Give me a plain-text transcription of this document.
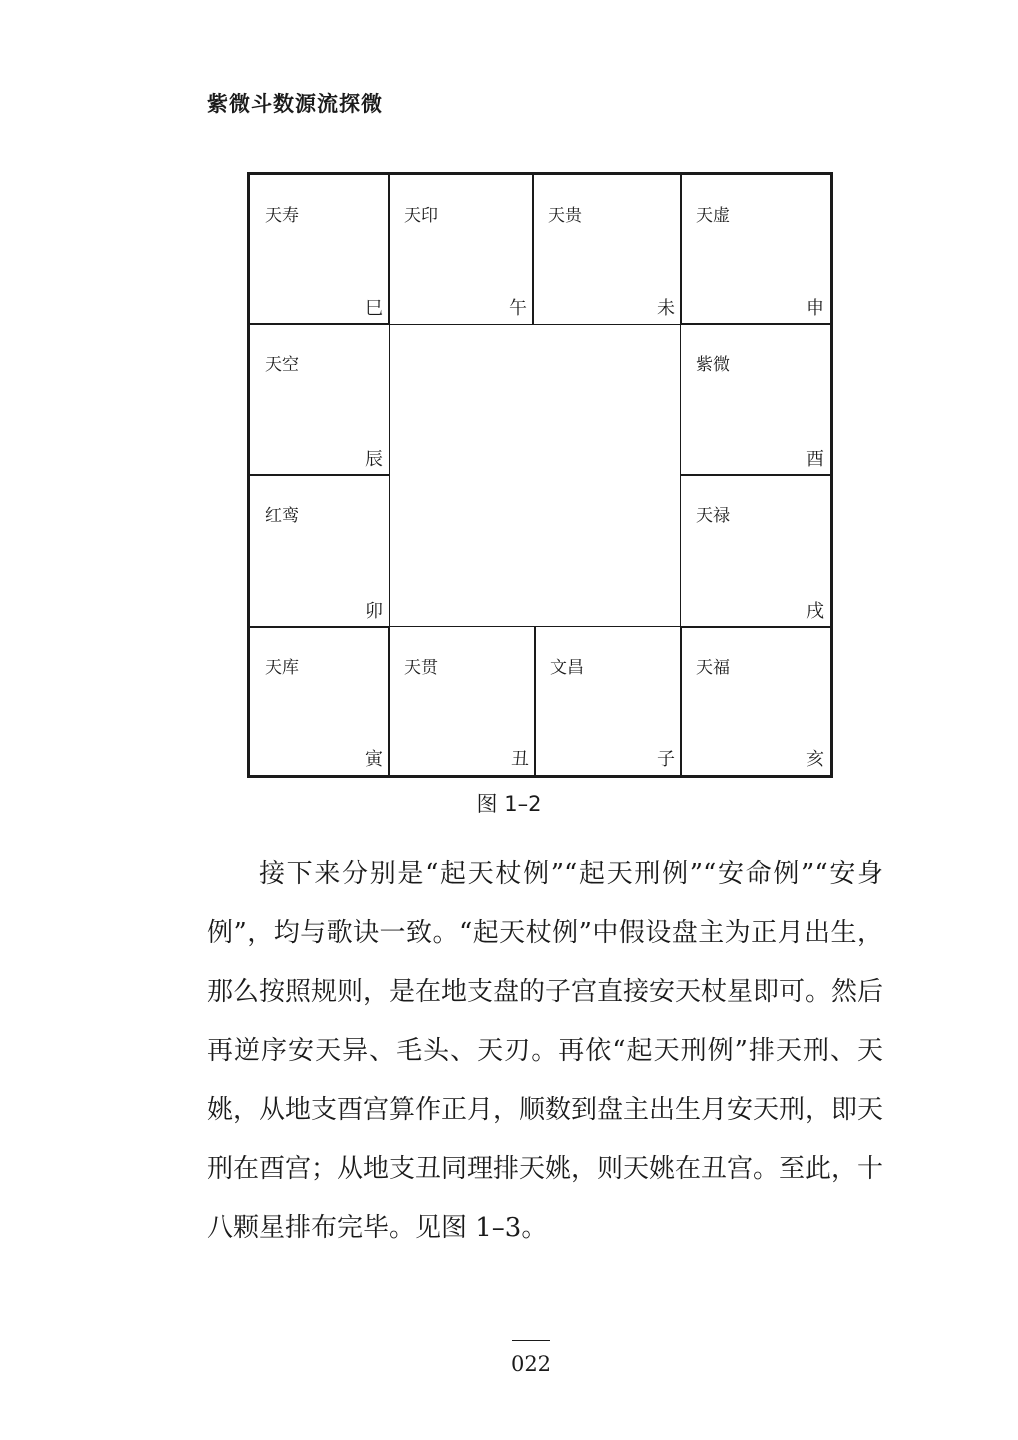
紫微斗数源流探微
天寿
巳
天印
午
天贵
未
天虚
申
天空
辰
紫微
酉
红鸾
卯
天禄
戌
天库
寅
天贯
丑
文昌
子
天福
亥
图 1–2

接下来分别是“起天杖例”“起天刑例”“安命例”“安身例”，均与歌诀一致。“起天杖例”中假设盘主为正月出生，那么按照规则，是在地支盘的子宫直接安天杖星即可。然后再逆序安天异、毛头、天刃。再依“起天刑例”排天刑、天姚，从地支酉宫算作正月，顺数到盘主出生月安天刑，即天刑在酉宫；从地支丑同理排天姚，则天姚在丑宫。至此，十八颗星排布完毕。见图 1–3。

022
